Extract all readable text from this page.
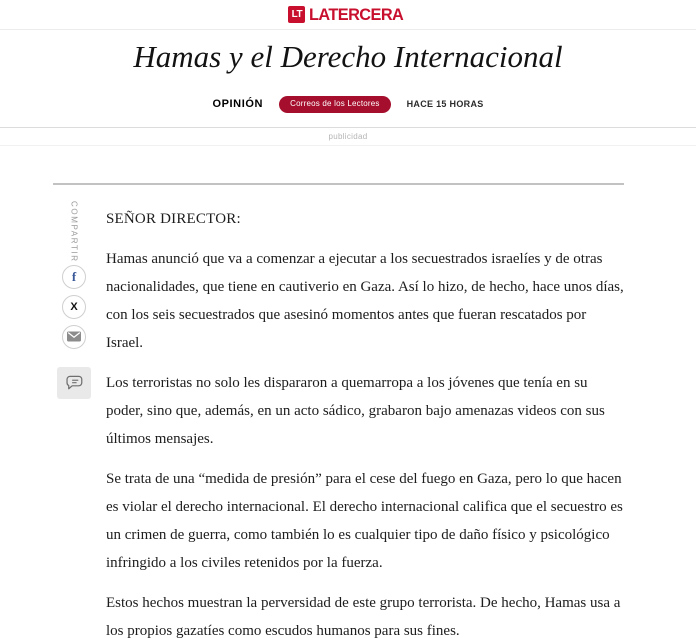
LT LATERCERA
Hamas y el Derecho Internacional
OPINIÓN	Correos de los Lectores	HACE 15 HORAS
publicidad
COMPARTIR
f
X

SEÑOR DIRECTOR:

Hamas anunció que va a comenzar a ejecutar a los secuestrados israelíes y de otras nacionalidades, que tiene en cautiverio en Gaza. Así lo hizo, de hecho, hace unos días, con los seis secuestrados que asesinó momentos antes que fueran rescatados por Israel.

Los terroristas no solo les dispararon a quemarropa a los jóvenes que tenía en su poder, sino que, además, en un acto sádico, grabaron bajo amenazas videos con sus últimos mensajes.

Se trata de una “medida de presión” para el cese del fuego en Gaza, pero lo que hacen es violar el derecho internacional. El derecho internacional califica que el secuestro es un crimen de guerra, como también lo es cualquier tipo de daño físico y psicológico infringido a los civiles retenidos por la fuerza.

Estos hechos muestran la perversidad de este grupo terrorista. De hecho, Hamas usa a los propios gazatíes como escudos humanos para sus fines.
